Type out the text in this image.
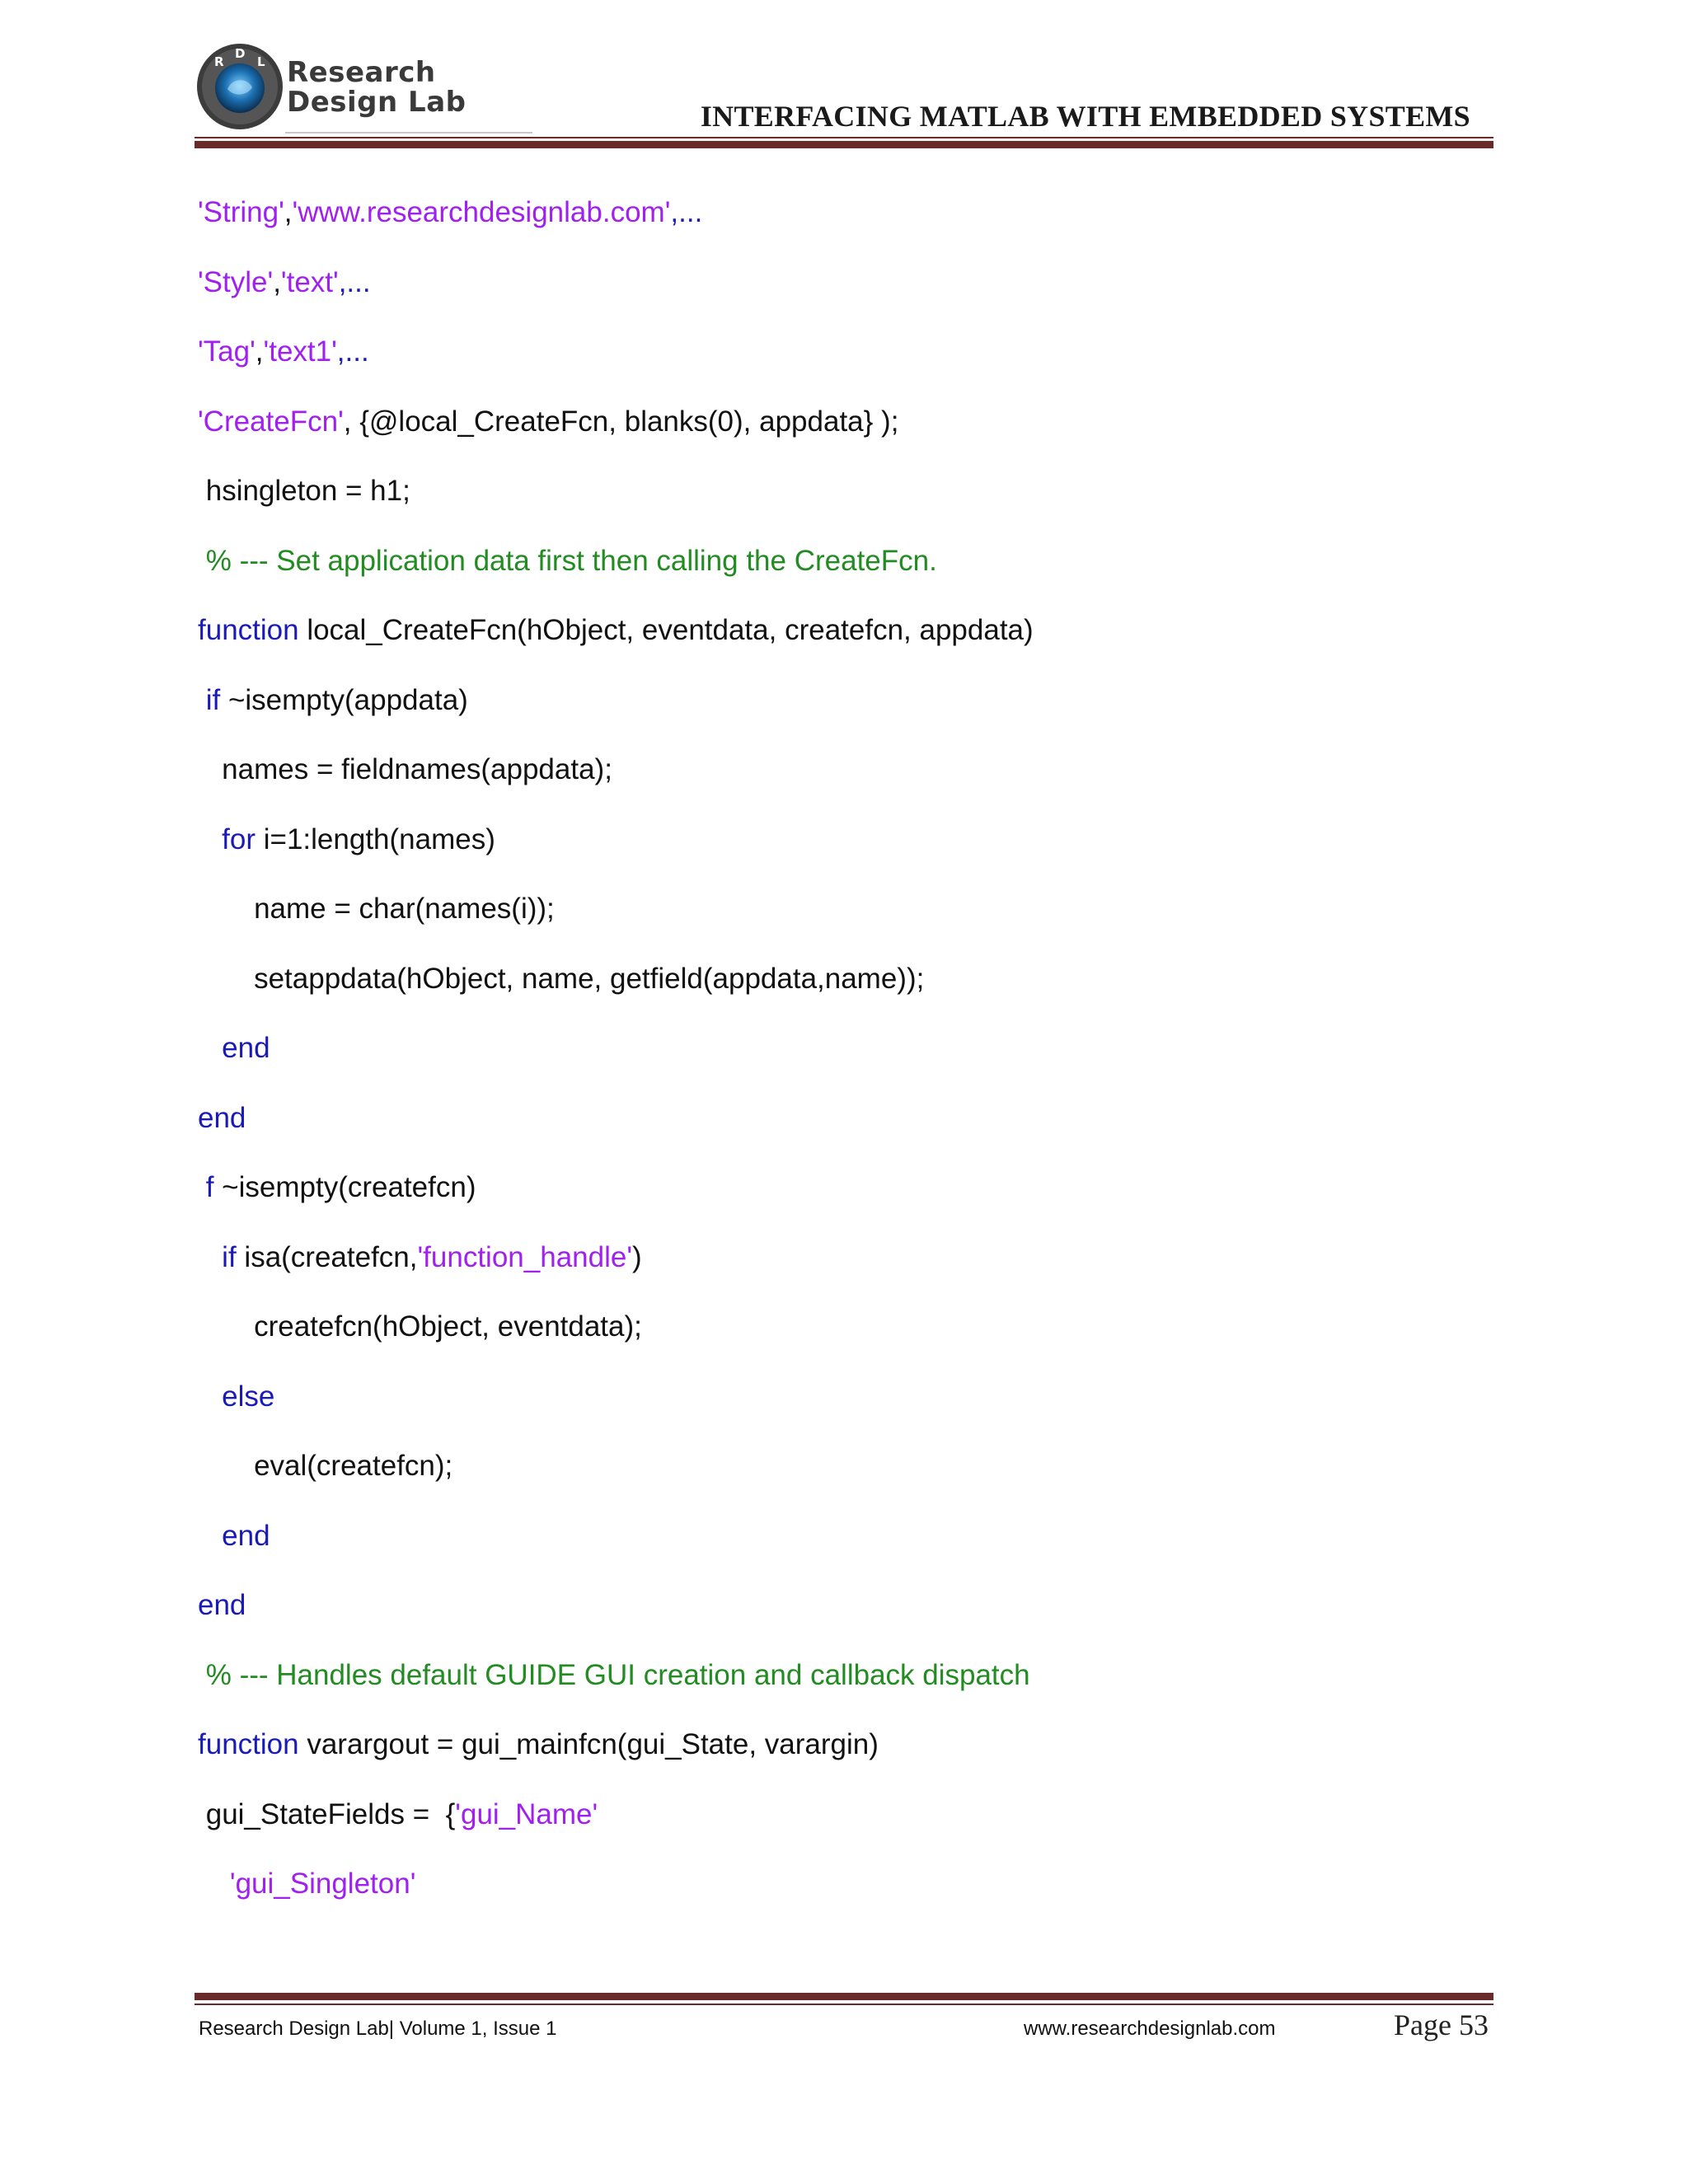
R
D
L Research
Design Lab	INTERFACING MATLAB WITH EMBEDDED SYSTEMS
'String','www.researchdesignlab.com',...
'Style','text',...
'Tag','text1',...
'CreateFcn', {@local_CreateFcn, blanks(0), appdata} );
hsingleton = h1;
% --- Set application data first then calling the CreateFcn.
function local_CreateFcn(hObject, eventdata, createfcn, appdata)
if ~isempty(appdata)
names = fieldnames(appdata);
for i=1:length(names)
name = char(names(i));
setappdata(hObject, name, getfield(appdata,name));
end
end
f ~isempty(createfcn)
if isa(createfcn,'function_handle')
createfcn(hObject, eventdata);
else
eval(createfcn);
end
end
% --- Handles default GUIDE GUI creation and callback dispatch
function varargout = gui_mainfcn(gui_State, varargin)
gui_StateFields =  {'gui_Name'
'gui_Singleton'
Research Design Lab| Volume 1, Issue 1	www.researchdesignlab.com	Page 53
